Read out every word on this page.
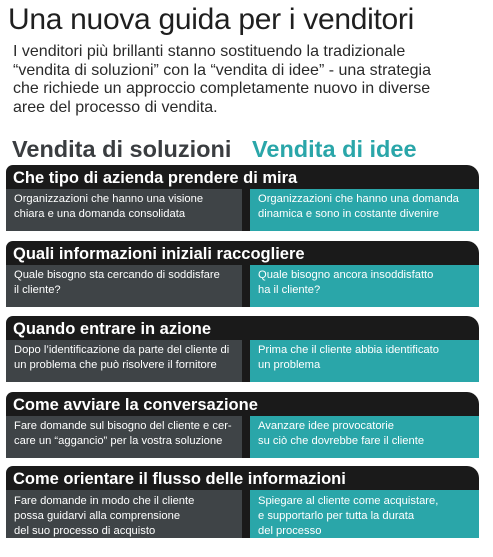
Una nuova guida per i venditori
I venditori più brillanti stanno sostituendo la tradizionale
“vendita di soluzioni” con la “vendita di idee” - una strategia
che richiede un approccio completamente nuovo in diverse
aree del processo di vendita.
Vendita di soluzioni Vendita di idee
Che tipo di azienda prendere di mira
Organizzazioni che hanno una visione
chiara e una domanda consolidata
Organizzazioni che hanno una domanda
dinamica e sono in costante divenire
Quali informazioni iniziali raccogliere
Quale bisogno sta cercando di soddisfare
il cliente?
Quale bisogno ancora insoddisfatto
ha il cliente?
Quando entrare in azione
Dopo l’identificazione da parte del cliente di
un problema che può risolvere il fornitore
Prima che il cliente abbia identificato
un problema
Come avviare la conversazione
Fare domande sul bisogno del cliente e cer-
care un “aggancio” per la vostra soluzione
Avanzare idee provocatorie
su ciò che dovrebbe fare il cliente
Come orientare il flusso delle informazioni
Fare domande in modo che il cliente
possa guidarvi alla comprensione
del suo processo di acquisto
Spiegare al cliente come acquistare,
e supportarlo per tutta la durata
del processo
